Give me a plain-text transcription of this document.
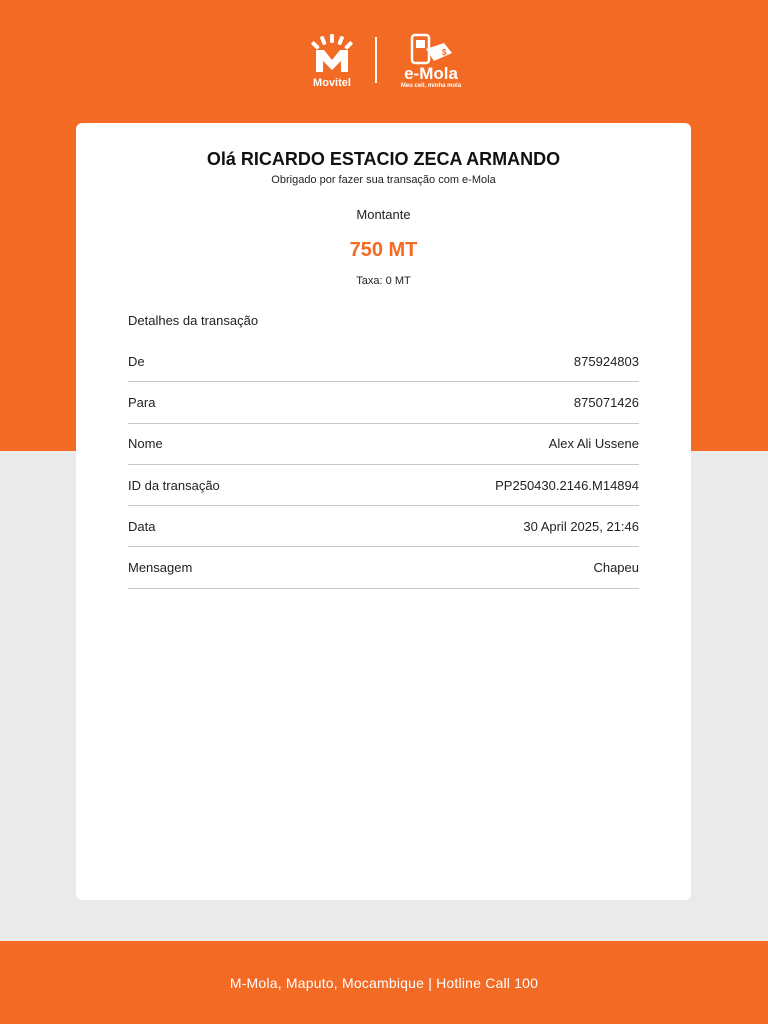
Movitel
$
e-Mola
Meu cell, minha mola
Olá RICARDO ESTACIO ZECA ARMANDO
Obrigado por fazer sua transação com e-Mola
Montante
750 MT
Taxa: 0 MT
Detalhes da transação
De	875924803
Para	875071426
Nome	Alex Ali Ussene
ID da transação	PP250430.2146.M14894
Data	30 April 2025, 21:46
Mensagem	Chapeu
M-Mola, Maputo, Mocambique | Hotline Call 100
